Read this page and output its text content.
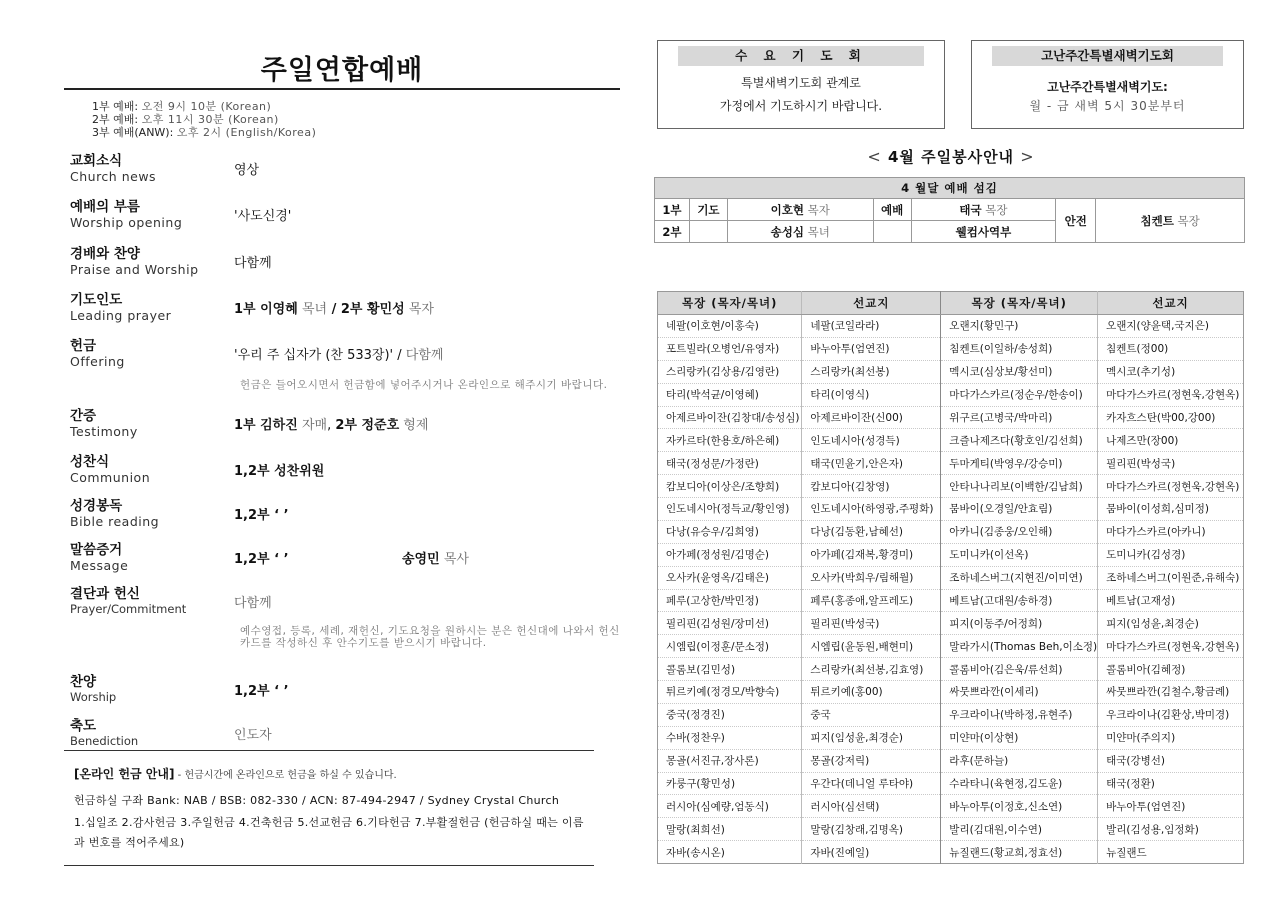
주일연합예배
1부 예배: 오전 9시 10분 (Korean)
2부 예배: 오후 11시 30분 (Korean)
3부 예배(ANW): 오후 2시 (English/Korea)
교회소식
Church news	영상
예배의 부름
Worship opening	'사도신경'
경배와 찬양
Praise and Worship	다함께
기도인도
Leading prayer	1부 이영혜 목녀 / 2부 황민성 목자
헌금
Offering	'우리 주 십자가 (찬 533장)' / 다함께
헌금은 들어오시면서 헌금함에 넣어주시거나 온라인으로 해주시기 바랍니다.
간증
Testimony	1부 김하진 자매, 2부 정준호 형제
성찬식
Communion	1,2부 성찬위원
성경봉독
Bible reading	1,2부 ‘ ’
말씀증거
Message	1,2부 ‘ ’	송영민 목사
결단과 헌신
Prayer/Commitment	다함께
예수영접, 등록, 세례, 재헌신, 기도요청을 원하시는 분은 헌신대에 나와서 헌신카드를 작성하신 후 안수기도를 받으시기 바랍니다.
찬양
Worship	1,2부 ‘ ’
축도
Benediction	인도자
[온라인 헌금 안내] - 헌금시간에 온라인으로 헌금을 하실 수 있습니다.
헌금하실 구좌 Bank: NAB / BSB: 082-330 / ACN: 87-494-2947 / Sydney Crystal Church
1.십일조 2.감사헌금 3.주일헌금 4.건축헌금 5.선교헌금 6.기타헌금 7.부활절헌금 (헌금하실 때는 이름과 번호를 적어주세요)
수 요 기 도 회
특별새벽기도회 관계로
가정에서 기도하시기 바랍니다.
고난주간특별새벽기도회
고난주간특별새벽기도:
월 - 금 새벽 5시 30분부터
< 4월 주일봉사안내 >
4 월달 예배 섬김						
1부	기도	이호현 목자	예배	태국 목장	안전	침켄트 목장
2부		송성심 목녀		웰컴사역부		
목장 (목자/목녀)	선교지	목장 (목자/목녀)	선교지
네팔(이호현/이홍숙)	네팔(코일라라)	오랜지(황민구)	오랜지(양윤택,국지은)
포트빌라(오병언/유영자)	바누아투(엄연진)	침켄트(이일하/송성희)	침켄트(정00)
스리랑카(김상용/김영란)	스리랑카(최선봉)	멕시코(심상보/황선미)	멕시코(추기성)
타리(박석균/이영혜)	타리(이영식)	마다가스카르(정순우/한송이)	마다가스카르(정현욱,강현옥)
아제르바이잔(김창대/송성심)	아제르바이잔(신00)	위구르(고병국/박마리)	카자흐스탄(박00,강00)
자카르타(한용호/하은혜)	인도네시아(성경득)	크즐나제즈다(황호인/김선희)	나제즈만(장00)
태국(정성문/가정란)	태국(민윤기,안은자)	두마게티(박영우/강승미)	필리핀(박성국)
캄보디아(이상은/조향희)	캄보디아(김창영)	안타나나리보(이백한/김남희)	마다가스카르(정현욱,강현옥)
인도네시아(정득교/황인영)	인도네시아(하영광,주평화)	뭄바이(오경일/안효림)	뭄바이(이성희,심미정)
다낭(유승우/김희영)	다낭(김동환,남혜선)	아카니(김종웅/오인해)	마다가스카르(아카니)
아가페(정성원/김명순)	아가페(김재복,황경미)	도미니카(이선옥)	도미니카(김성경)
오사카(윤영옥/김태은)	오사카(박희우/림해월)	조하네스버그(지현진/이미연)	조하네스버그(이원준,유해숙)
페루(고상한/박민정)	페루(홍종애,알프레도)	베트남(고대원/송하경)	베트남(고재성)
필리핀(김성원/장미선)	필리핀(박성국)	피지(이동주/어정희)	피지(임성윤,최경순)
시엠립(이정훈/문소정)	시엠립(윤동원,배현미)	말라가시(Thomas Beh,이소정)	마다가스카르(정현욱,강현옥)
콜롬보(김민성)	스리랑카(최선봉,김효영)	콜롬비아(김은욱/류선희)	콜롬비아(김혜정)
튀르키예(정경모/박향숙)	튀르키예(홍00)	싸뭇쁘라깐(이세리)	싸뭇쁘라깐(김철수,황금례)
중국(정경진)	중국	우크라이나(박하정,유현주)	우크라이나(김환상,박미경)
수바(정찬우)	피지(임성윤,최경순)	미얀마(이상현)	미얀마(주의지)
몽골(서진규,장사론)	몽골(강저릭)	라후(문하늘)	태국(강병선)
카룽구(황민성)	우간다(데니얼 루타야)	수라타니(육현정,김도윤)	태국(정환)
러시아(심예량,엄동식)	러시아(심선택)	바누아투(이정호,신소연)	바누아투(엄연진)
말랑(최희선)	말랑(김창래,김명옥)	발리(김대원,이수연)	발리(김성용,임정화)
자바(송시온)	자바(진예일)	뉴질랜드(황교희,정효선)	뉴질랜드
